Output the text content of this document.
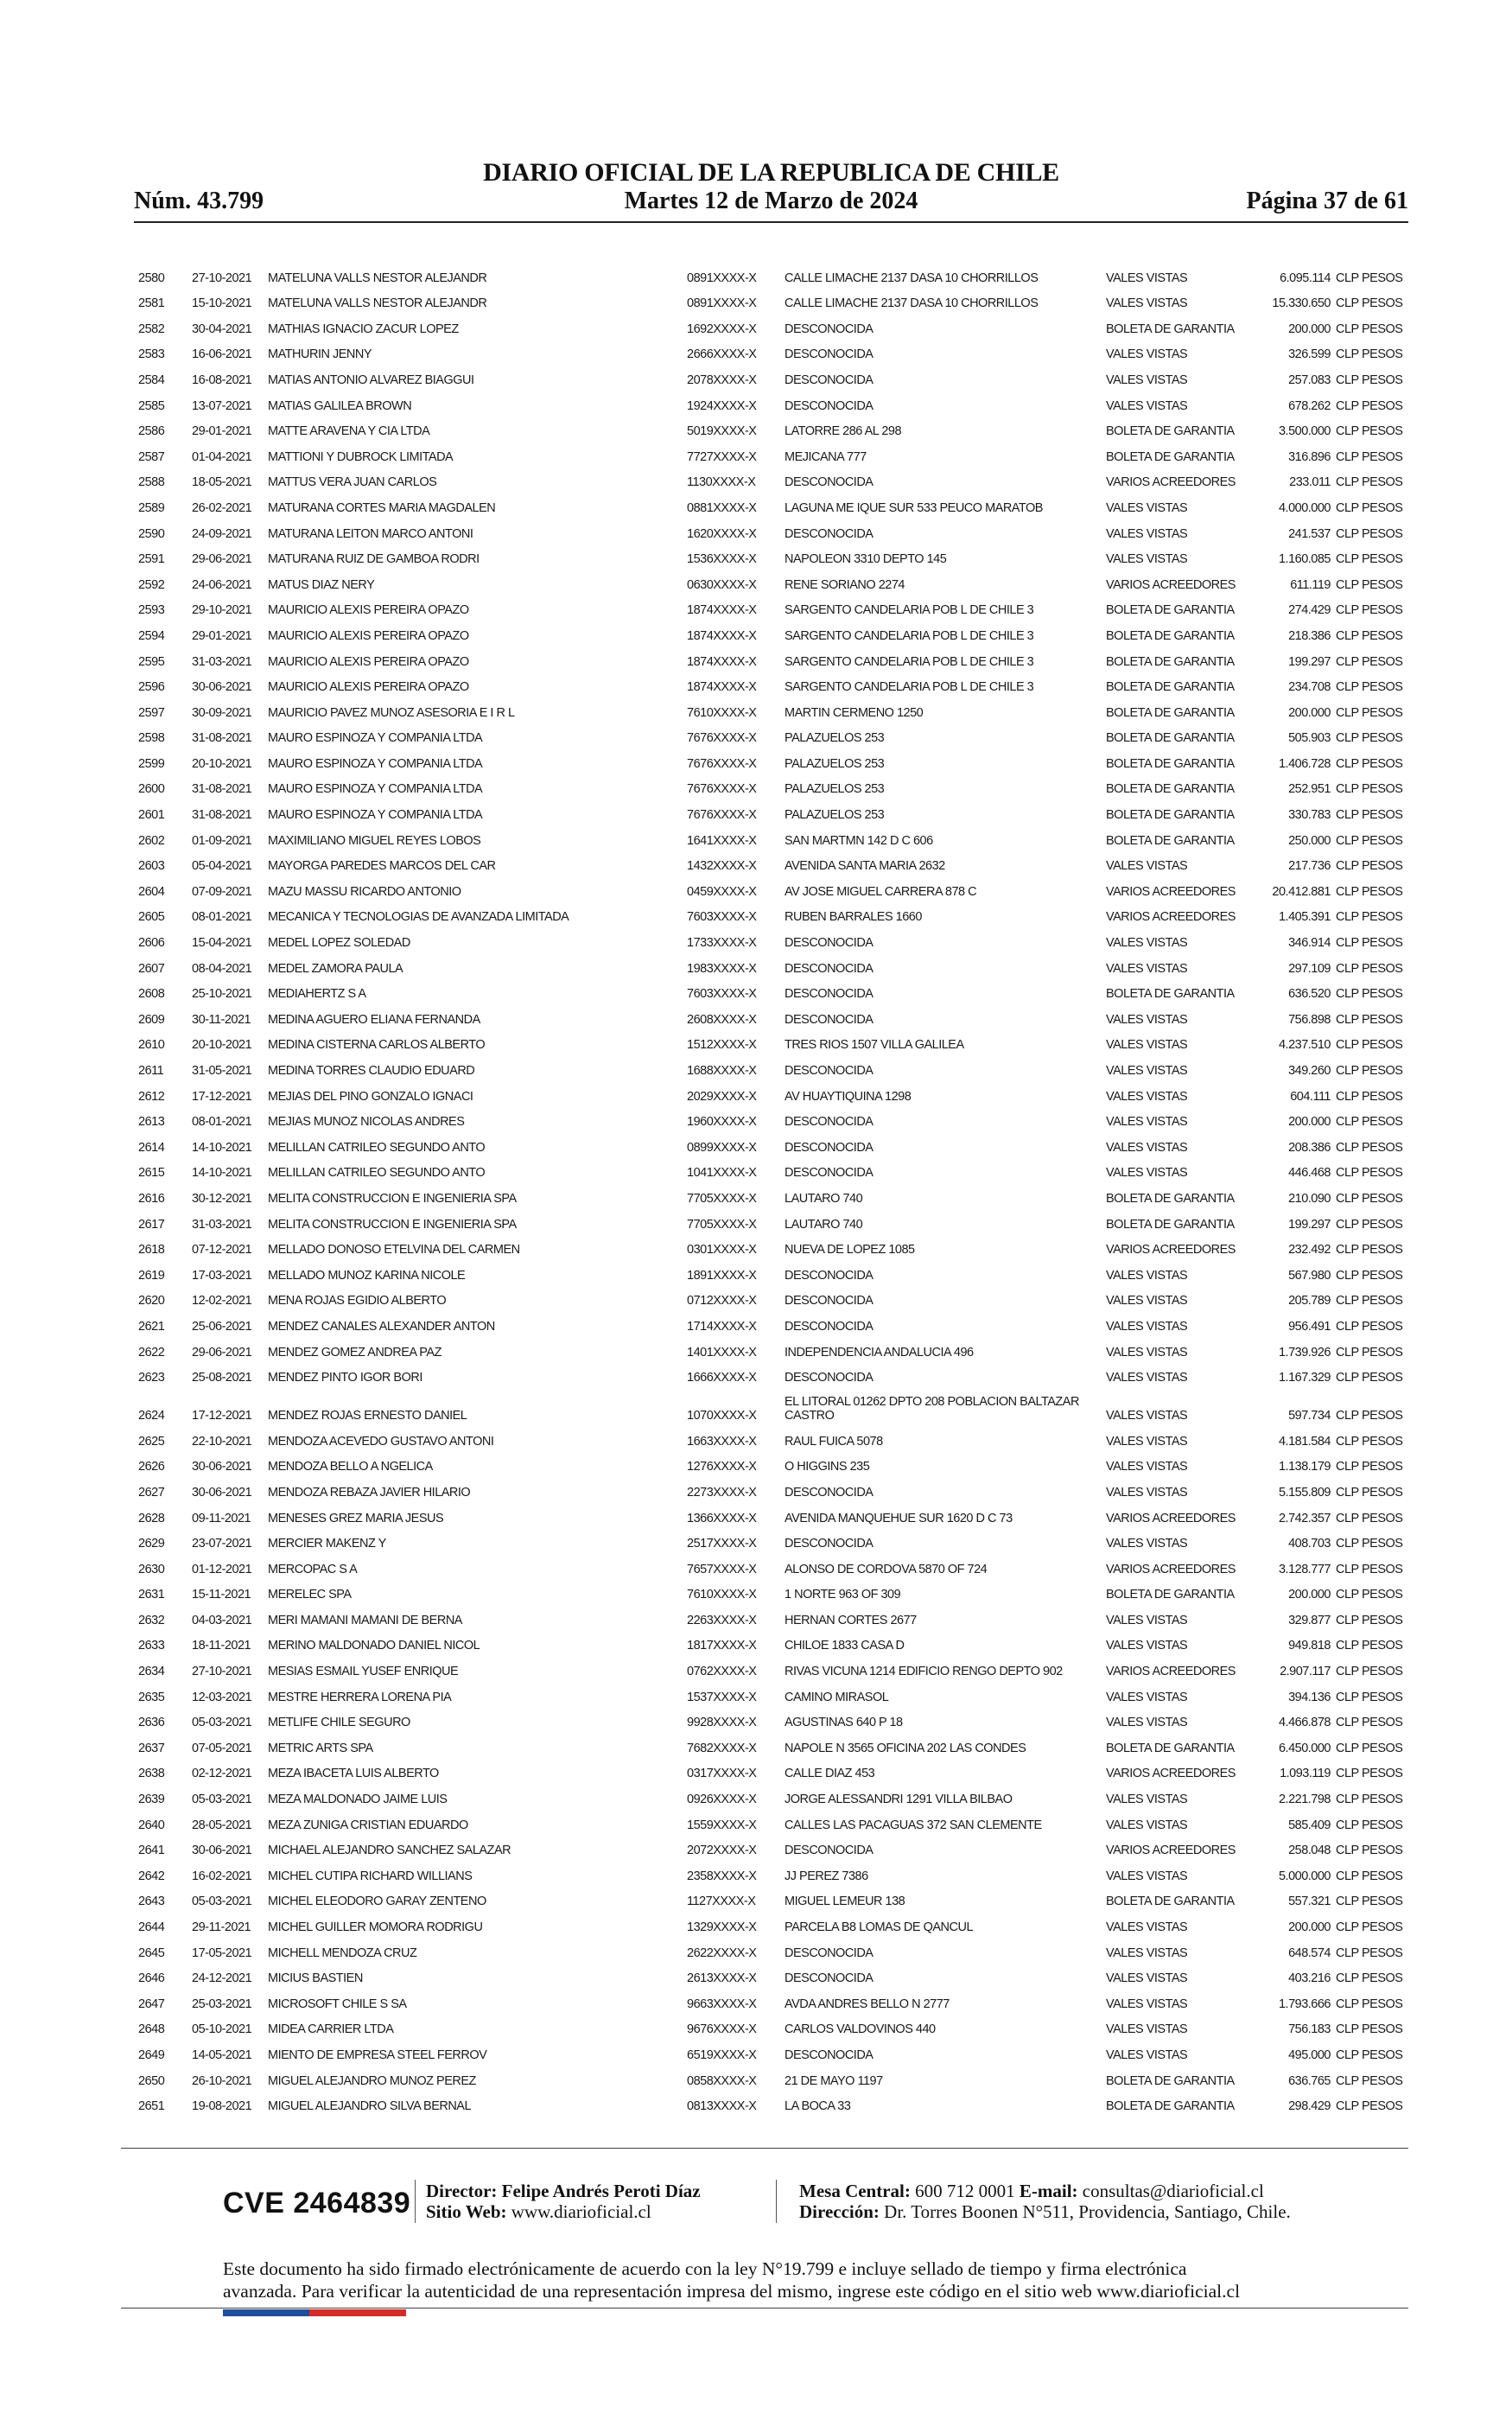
DIARIO OFICIAL DE LA REPUBLICA DE CHILE
Núm. 43.799	Martes 12 de Marzo de 2024	Página 37 de 61
2580 27-10-2021 MATELUNA VALLS NESTOR ALEJANDR	0891XXXX-X CALLE LIMACHE 2137 DASA 10 CHORRILLOS	VALES VISTAS	6.095.114 CLP PESOS
2581 15-10-2021 MATELUNA VALLS NESTOR ALEJANDR	0891XXXX-X CALLE LIMACHE 2137 DASA 10 CHORRILLOS	VALES VISTAS	15.330.650 CLP PESOS
2582 30-04-2021 MATHIAS IGNACIO ZACUR LOPEZ	1692XXXX-X DESCONOCIDA	BOLETA DE GARANTIA	200.000 CLP PESOS
2583 16-06-2021 MATHURIN JENNY	2666XXXX-X DESCONOCIDA	VALES VISTAS	326.599 CLP PESOS
2584 16-08-2021 MATIAS ANTONIO ALVAREZ BIAGGUI	2078XXXX-X DESCONOCIDA	VALES VISTAS	257.083 CLP PESOS
2585 13-07-2021 MATIAS GALILEA BROWN	1924XXXX-X DESCONOCIDA	VALES VISTAS	678.262 CLP PESOS
2586 29-01-2021 MATTE ARAVENA Y CIA LTDA	5019XXXX-X LATORRE 286 AL 298	BOLETA DE GARANTIA	3.500.000 CLP PESOS
2587 01-04-2021 MATTIONI Y DUBROCK LIMITADA	7727XXXX-X MEJICANA 777	BOLETA DE GARANTIA	316.896 CLP PESOS
2588 18-05-2021 MATTUS VERA JUAN CARLOS	1130XXXX-X DESCONOCIDA	VARIOS ACREEDORES	233.011 CLP PESOS
2589 26-02-2021 MATURANA CORTES MARIA MAGDALEN	0881XXXX-X LAGUNA ME IQUE SUR 533 PEUCO MARATOB	VALES VISTAS	4.000.000 CLP PESOS
2590 24-09-2021 MATURANA LEITON MARCO ANTONI	1620XXXX-X DESCONOCIDA	VALES VISTAS	241.537 CLP PESOS
2591 29-06-2021 MATURANA RUIZ DE GAMBOA RODRI	1536XXXX-X NAPOLEON 3310 DEPTO 145	VALES VISTAS	1.160.085 CLP PESOS
2592 24-06-2021 MATUS DIAZ NERY	0630XXXX-X RENE SORIANO 2274	VARIOS ACREEDORES	611.119 CLP PESOS
2593 29-10-2021 MAURICIO ALEXIS PEREIRA OPAZO	1874XXXX-X SARGENTO CANDELARIA POB L DE CHILE 3	BOLETA DE GARANTIA	274.429 CLP PESOS
2594 29-01-2021 MAURICIO ALEXIS PEREIRA OPAZO	1874XXXX-X SARGENTO CANDELARIA POB L DE CHILE 3	BOLETA DE GARANTIA	218.386 CLP PESOS
2595 31-03-2021 MAURICIO ALEXIS PEREIRA OPAZO	1874XXXX-X SARGENTO CANDELARIA POB L DE CHILE 3	BOLETA DE GARANTIA	199.297 CLP PESOS
2596 30-06-2021 MAURICIO ALEXIS PEREIRA OPAZO	1874XXXX-X SARGENTO CANDELARIA POB L DE CHILE 3	BOLETA DE GARANTIA	234.708 CLP PESOS
2597 30-09-2021 MAURICIO PAVEZ MUNOZ ASESORIA E I R L	7610XXXX-X MARTIN CERMENO 1250	BOLETA DE GARANTIA	200.000 CLP PESOS
2598 31-08-2021 MAURO ESPINOZA Y COMPANIA LTDA	7676XXXX-X PALAZUELOS 253	BOLETA DE GARANTIA	505.903 CLP PESOS
2599 20-10-2021 MAURO ESPINOZA Y COMPANIA LTDA	7676XXXX-X PALAZUELOS 253	BOLETA DE GARANTIA	1.406.728 CLP PESOS
2600 31-08-2021 MAURO ESPINOZA Y COMPANIA LTDA	7676XXXX-X PALAZUELOS 253	BOLETA DE GARANTIA	252.951 CLP PESOS
2601 31-08-2021 MAURO ESPINOZA Y COMPANIA LTDA	7676XXXX-X PALAZUELOS 253	BOLETA DE GARANTIA	330.783 CLP PESOS
2602 01-09-2021 MAXIMILIANO MIGUEL REYES LOBOS	1641XXXX-X SAN MARTMN 142 D C 606	BOLETA DE GARANTIA	250.000 CLP PESOS
2603 05-04-2021 MAYORGA PAREDES MARCOS DEL CAR	1432XXXX-X AVENIDA SANTA MARIA 2632	VALES VISTAS	217.736 CLP PESOS
2604 07-09-2021 MAZU MASSU RICARDO ANTONIO	0459XXXX-X AV JOSE MIGUEL CARRERA 878 C	VARIOS ACREEDORES	20.412.881 CLP PESOS
2605 08-01-2021 MECANICA Y TECNOLOGIAS DE AVANZADA LIMITADA	7603XXXX-X RUBEN BARRALES 1660	VARIOS ACREEDORES	1.405.391 CLP PESOS
2606 15-04-2021 MEDEL LOPEZ SOLEDAD	1733XXXX-X DESCONOCIDA	VALES VISTAS	346.914 CLP PESOS
2607 08-04-2021 MEDEL ZAMORA PAULA	1983XXXX-X DESCONOCIDA	VALES VISTAS	297.109 CLP PESOS
2608 25-10-2021 MEDIAHERTZ S A	7603XXXX-X DESCONOCIDA	BOLETA DE GARANTIA	636.520 CLP PESOS
2609 30-11-2021 MEDINA AGUERO ELIANA FERNANDA	2608XXXX-X DESCONOCIDA	VALES VISTAS	756.898 CLP PESOS
2610 20-10-2021 MEDINA CISTERNA CARLOS ALBERTO	1512XXXX-X TRES RIOS 1507 VILLA GALILEA	VALES VISTAS	4.237.510 CLP PESOS
2611 31-05-2021 MEDINA TORRES CLAUDIO EDUARD	1688XXXX-X DESCONOCIDA	VALES VISTAS	349.260 CLP PESOS
2612 17-12-2021 MEJIAS DEL PINO GONZALO IGNACI	2029XXXX-X AV HUAYTIQUINA 1298	VALES VISTAS	604.111 CLP PESOS
2613 08-01-2021 MEJIAS MUNOZ NICOLAS ANDRES	1960XXXX-X DESCONOCIDA	VALES VISTAS	200.000 CLP PESOS
2614 14-10-2021 MELILLAN CATRILEO SEGUNDO ANTO	0899XXXX-X DESCONOCIDA	VALES VISTAS	208.386 CLP PESOS
2615 14-10-2021 MELILLAN CATRILEO SEGUNDO ANTO	1041XXXX-X DESCONOCIDA	VALES VISTAS	446.468 CLP PESOS
2616 30-12-2021 MELITA CONSTRUCCION E INGENIERIA SPA	7705XXXX-X LAUTARO 740	BOLETA DE GARANTIA	210.090 CLP PESOS
2617 31-03-2021 MELITA CONSTRUCCION E INGENIERIA SPA	7705XXXX-X LAUTARO 740	BOLETA DE GARANTIA	199.297 CLP PESOS
2618 07-12-2021 MELLADO DONOSO ETELVINA DEL CARMEN	0301XXXX-X NUEVA DE LOPEZ 1085	VARIOS ACREEDORES	232.492 CLP PESOS
2619 17-03-2021 MELLADO MUNOZ KARINA NICOLE	1891XXXX-X DESCONOCIDA	VALES VISTAS	567.980 CLP PESOS
2620 12-02-2021 MENA ROJAS EGIDIO ALBERTO	0712XXXX-X DESCONOCIDA	VALES VISTAS	205.789 CLP PESOS
2621 25-06-2021 MENDEZ CANALES ALEXANDER ANTON	1714XXXX-X DESCONOCIDA	VALES VISTAS	956.491 CLP PESOS
2622 29-06-2021 MENDEZ GOMEZ ANDREA PAZ	1401XXXX-X INDEPENDENCIA ANDALUCIA 496	VALES VISTAS	1.739.926 CLP PESOS
2623 25-08-2021 MENDEZ PINTO IGOR BORI	1666XXXX-X DESCONOCIDA	VALES VISTAS	1.167.329 CLP PESOS
2624 17-12-2021 MENDEZ ROJAS ERNESTO DANIEL	1070XXXX-X
EL LITORAL 01262 DPTO 208 POBLACION BALTAZAR CASTRO	VALES VISTAS	597.734 CLP PESOS
2625 22-10-2021 MENDOZA ACEVEDO GUSTAVO ANTONI	1663XXXX-X RAUL FUICA 5078	VALES VISTAS	4.181.584 CLP PESOS
2626 30-06-2021 MENDOZA BELLO A NGELICA	1276XXXX-X O HIGGINS 235	VALES VISTAS	1.138.179 CLP PESOS
2627 30-06-2021 MENDOZA REBAZA JAVIER HILARIO	2273XXXX-X DESCONOCIDA	VALES VISTAS	5.155.809 CLP PESOS
2628 09-11-2021 MENESES GREZ MARIA JESUS	1366XXXX-X AVENIDA MANQUEHUE SUR 1620 D C 73	VARIOS ACREEDORES	2.742.357 CLP PESOS
2629 23-07-2021 MERCIER MAKENZ Y	2517XXXX-X DESCONOCIDA	VALES VISTAS	408.703 CLP PESOS
2630 01-12-2021 MERCOPAC S A	7657XXXX-X ALONSO DE CORDOVA 5870 OF 724	VARIOS ACREEDORES	3.128.777 CLP PESOS
2631 15-11-2021 MERELEC SPA	7610XXXX-X 1 NORTE 963 OF 309	BOLETA DE GARANTIA	200.000 CLP PESOS
2632 04-03-2021 MERI MAMANI MAMANI DE BERNA	2263XXXX-X HERNAN CORTES 2677	VALES VISTAS	329.877 CLP PESOS
2633 18-11-2021 MERINO MALDONADO DANIEL NICOL	1817XXXX-X CHILOE 1833 CASA D	VALES VISTAS	949.818 CLP PESOS
2634 27-10-2021 MESIAS ESMAIL YUSEF ENRIQUE	0762XXXX-X RIVAS VICUNA 1214 EDIFICIO RENGO DEPTO 902	VARIOS ACREEDORES	2.907.117 CLP PESOS
2635 12-03-2021 MESTRE HERRERA LORENA PIA	1537XXXX-X CAMINO MIRASOL	VALES VISTAS	394.136 CLP PESOS
2636 05-03-2021 METLIFE CHILE SEGURO	9928XXXX-X AGUSTINAS 640 P 18	VALES VISTAS	4.466.878 CLP PESOS
2637 07-05-2021 METRIC ARTS SPA	7682XXXX-X NAPOLE N 3565 OFICINA 202 LAS CONDES	BOLETA DE GARANTIA	6.450.000 CLP PESOS
2638 02-12-2021 MEZA IBACETA LUIS ALBERTO	0317XXXX-X CALLE DIAZ 453	VARIOS ACREEDORES	1.093.119 CLP PESOS
2639 05-03-2021 MEZA MALDONADO JAIME LUIS	0926XXXX-X JORGE ALESSANDRI 1291 VILLA BILBAO	VALES VISTAS	2.221.798 CLP PESOS
2640 28-05-2021 MEZA ZUNIGA CRISTIAN EDUARDO	1559XXXX-X CALLES LAS PACAGUAS 372 SAN CLEMENTE	VALES VISTAS	585.409 CLP PESOS
2641 30-06-2021 MICHAEL ALEJANDRO SANCHEZ SALAZAR	2072XXXX-X DESCONOCIDA	VARIOS ACREEDORES	258.048 CLP PESOS
2642 16-02-2021 MICHEL CUTIPA RICHARD WILLIANS	2358XXXX-X JJ PEREZ 7386	VALES VISTAS	5.000.000 CLP PESOS
2643 05-03-2021 MICHEL ELEODORO GARAY ZENTENO	1127XXXX-X MIGUEL LEMEUR 138	BOLETA DE GARANTIA	557.321 CLP PESOS
2644 29-11-2021 MICHEL GUILLER MOMORA RODRIGU	1329XXXX-X PARCELA B8 LOMAS DE QANCUL	VALES VISTAS	200.000 CLP PESOS
2645 17-05-2021 MICHELL MENDOZA CRUZ	2622XXXX-X DESCONOCIDA	VALES VISTAS	648.574 CLP PESOS
2646 24-12-2021 MICIUS BASTIEN	2613XXXX-X DESCONOCIDA	VALES VISTAS	403.216 CLP PESOS
2647 25-03-2021 MICROSOFT CHILE S SA	9663XXXX-X AVDA ANDRES BELLO N 2777	VALES VISTAS	1.793.666 CLP PESOS
2648 05-10-2021 MIDEA CARRIER LTDA	9676XXXX-X CARLOS VALDOVINOS 440	VALES VISTAS	756.183 CLP PESOS
2649 14-05-2021 MIENTO DE EMPRESA STEEL FERROV	6519XXXX-X DESCONOCIDA	VALES VISTAS	495.000 CLP PESOS
2650 26-10-2021 MIGUEL ALEJANDRO MUNOZ PEREZ	0858XXXX-X 21 DE MAYO 1197	BOLETA DE GARANTIA	636.765 CLP PESOS
2651 19-08-2021 MIGUEL ALEJANDRO SILVA BERNAL	0813XXXX-X LA BOCA 33	BOLETA DE GARANTIA	298.429 CLP PESOS
CVE 2464839 Director: Felipe Andrés Peroti Díaz
Sitio Web: www.diarioficial.cl
Mesa Central: 600 712 0001 E-mail: consultas@diarioficial.cl
Dirección: Dr. Torres Boonen N°511, Providencia, Santiago, Chile.
Este documento ha sido firmado electrónicamente de acuerdo con la ley N°19.799 e incluye sellado de tiempo y firma electrónica
avanzada. Para verificar la autenticidad de una representación impresa del mismo, ingrese este código en el sitio web www.diarioficial.cl
